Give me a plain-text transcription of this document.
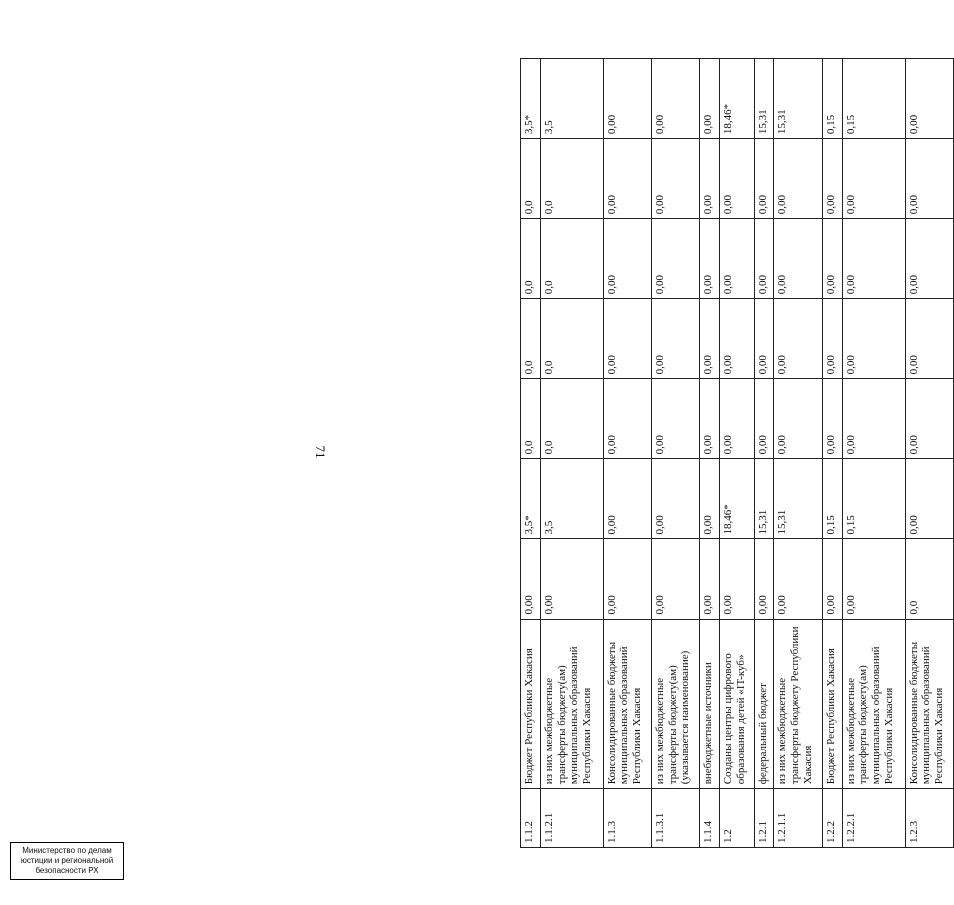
71
1.1.2	Бюджет Республики Хакасия	0,00	3,5*	0,0	0,0	0,0	0,0	3,5*
1.1.2.1	из них межбюджетные трансферты бюджету(ам) муниципальных образований Республики Хакасия	0,00	3,5	0,0	0,0	0,0	0,0	3,5
1.1.3	Консолидированные бюджеты муниципальных образований Республики Хакасия	0,00	0,00	0,00	0,00	0,00	0,00	0,00
1.1.3.1	из них межбюджетные трансферты бюджету(ам) (указывается наименование)	0,00	0,00	0,00	0,00	0,00	0,00	0,00
1.1.4	внебюджетные источники	0,00	0,00	0,00	0,00	0,00	0,00	0,00
1.2	Созданы центры цифрового образования детей «IT-куб»	0,00	18,46*	0,00	0,00	0,00	0,00	18,46*
1.2.1	федеральный бюджет	0,00	15,31	0,00	0,00	0,00	0,00	15,31
1.2.1.1	из них межбюджетные трансферты бюджету Республики Хакасия	0,00	15,31	0,00	0,00	0,00	0,00	15,31
1.2.2	Бюджет Республики Хакасия	0,00	0,15	0,00	0,00	0,00	0,00	0,15
1.2.2.1	из них межбюджетные трансферты бюджету(ам) муниципальных образований Республики Хакасия	0,00	0,15	0,00	0,00	0,00	0,00	0,15
1.2.3	Консолидированные бюджеты муниципальных образований Республики Хакасия	0,0	0,00	0,00	0,00	0,00	0,00	0,00
Министерство по делам
юстиции и региональной
безопасности РХ
